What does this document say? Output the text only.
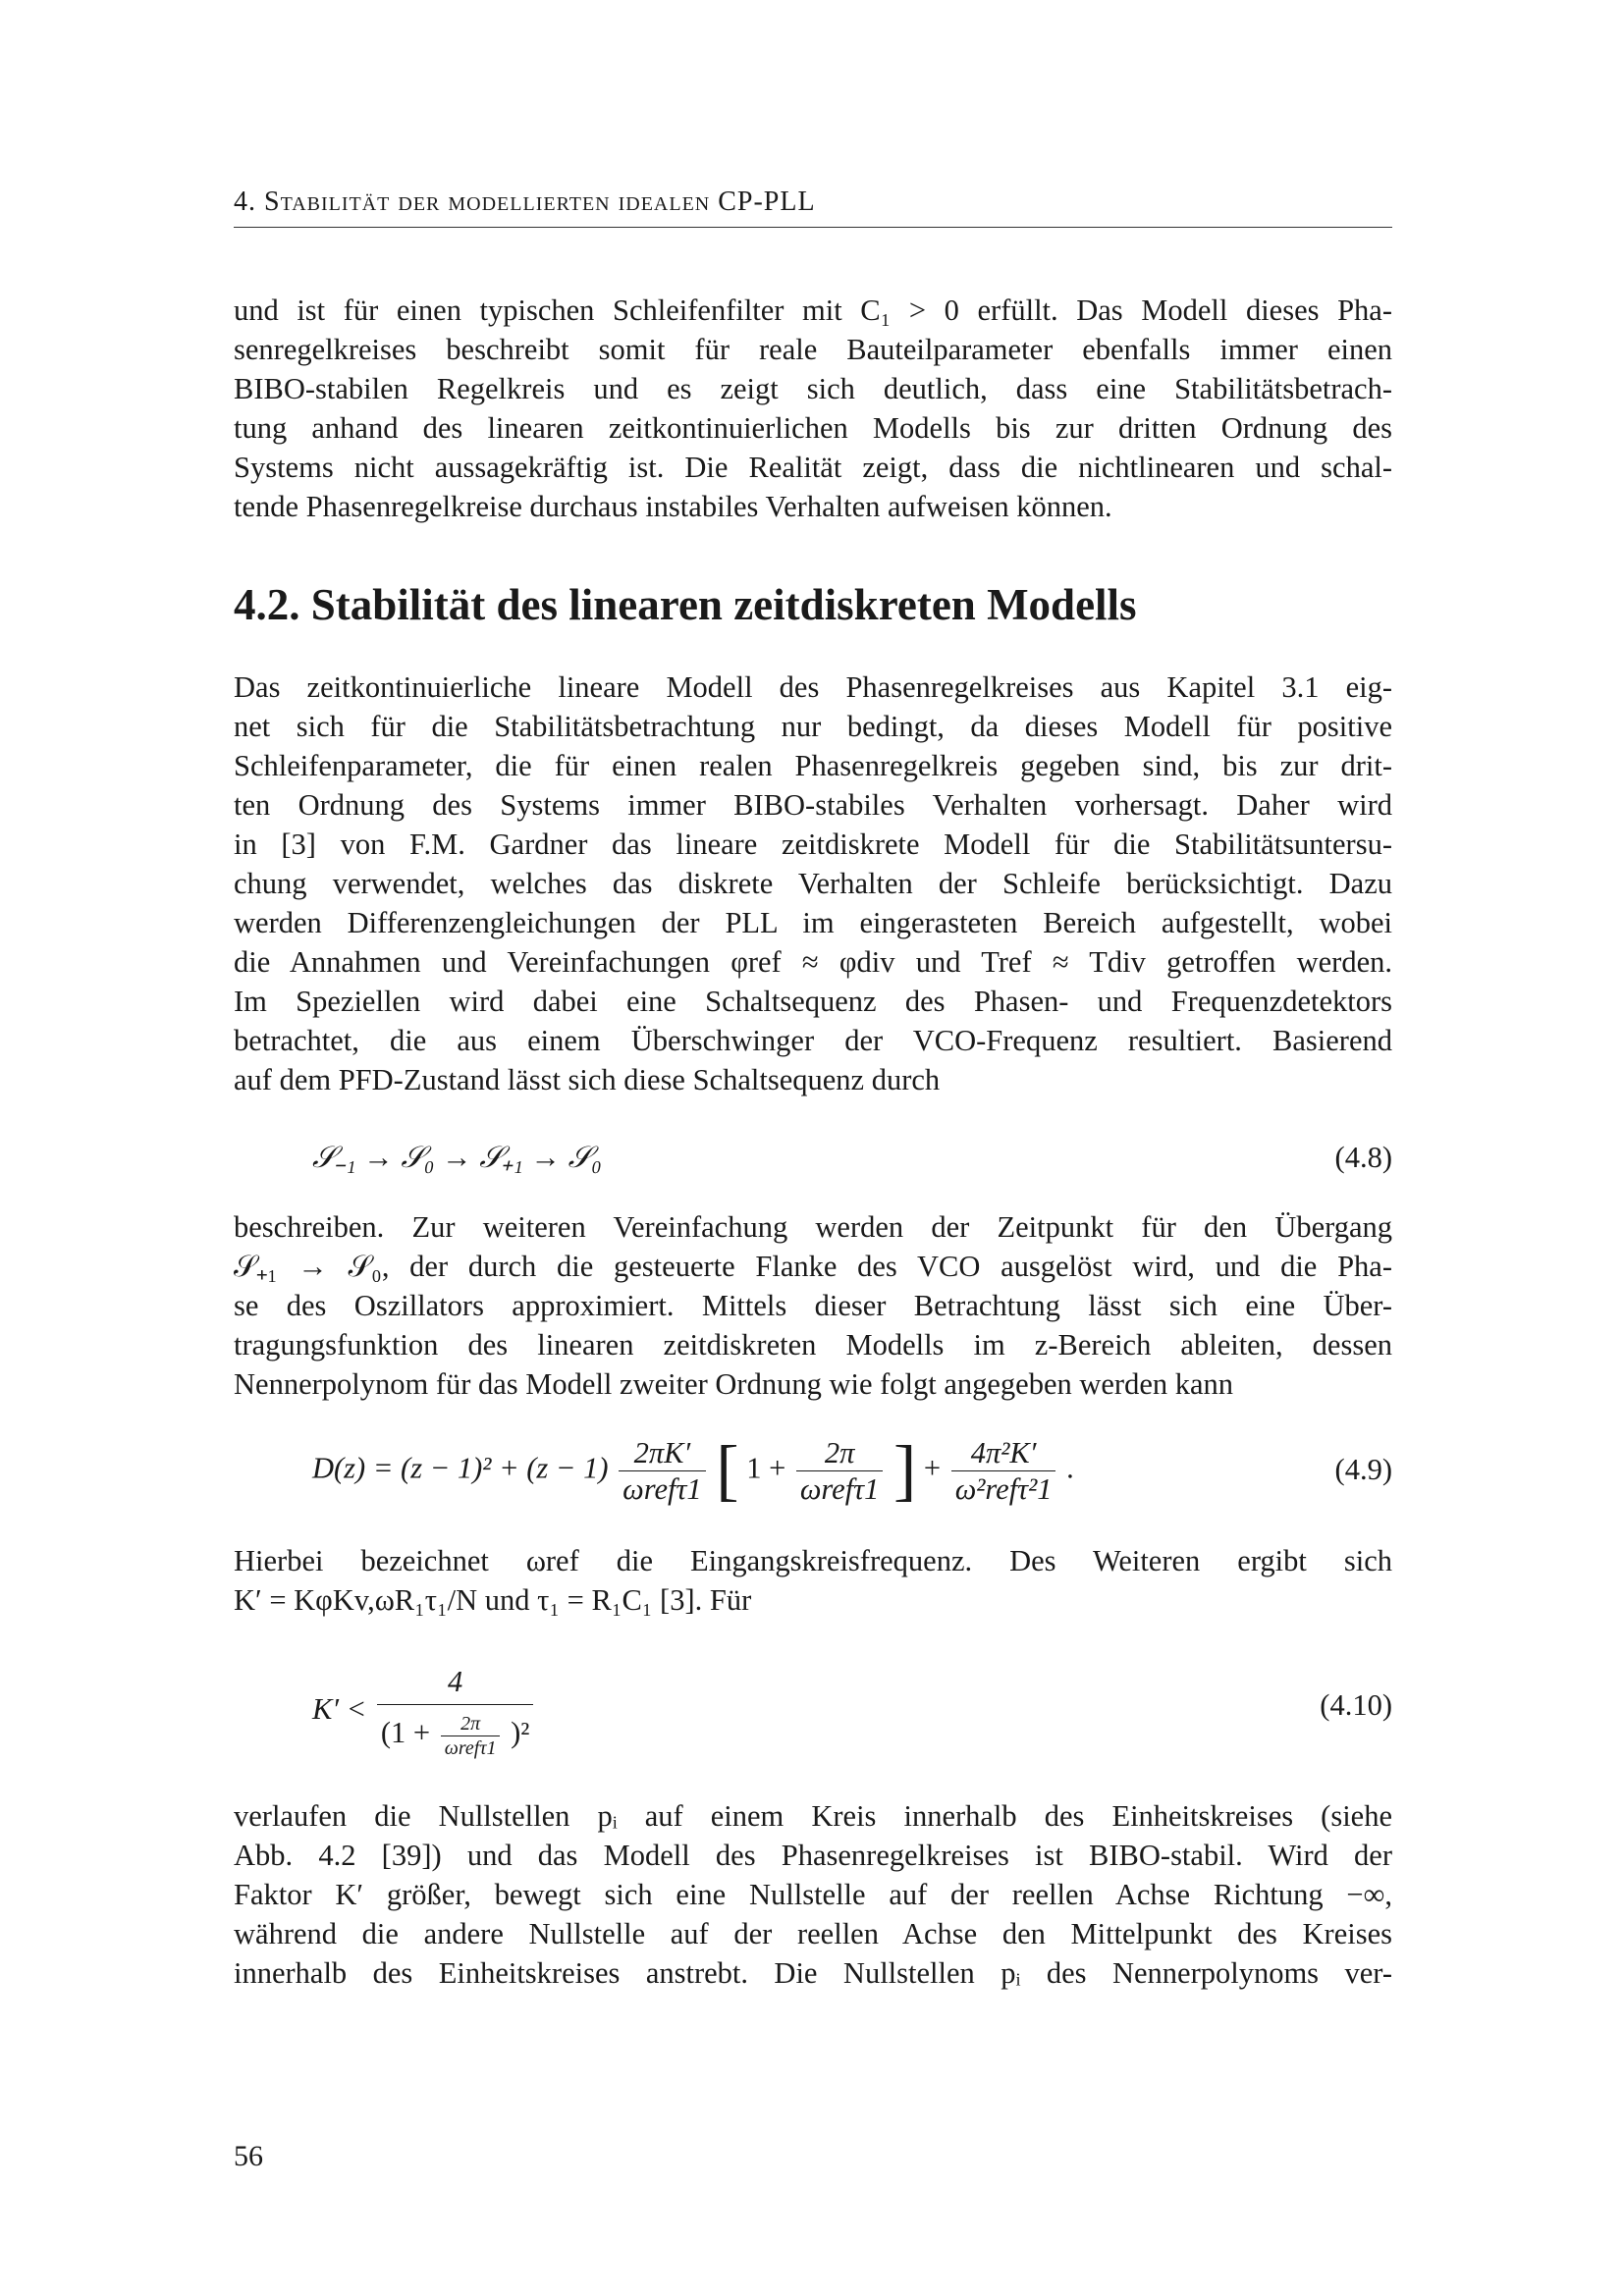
4. Stabilität der modellierten idealen CP-PLL
und ist für einen typischen Schleifenfilter mit C₁ > 0 erfüllt. Das Modell dieses Pha-
senregelkreises beschreibt somit für reale Bauteilparameter ebenfalls immer einen
BIBO-stabilen Regelkreis und es zeigt sich deutlich, dass eine Stabilitätsbetrach-
tung anhand des linearen zeitkontinuierlichen Modells bis zur dritten Ordnung des
Systems nicht aussagekräftig ist. Die Realität zeigt, dass die nichtlinearen und schal-
tende Phasenregelkreise durchaus instabiles Verhalten aufweisen können.
4.2. Stabilität des linearen zeitdiskreten Modells
Das zeitkontinuierliche lineare Modell des Phasenregelkreises aus Kapitel 3.1 eig-
net sich für die Stabilitätsbetrachtung nur bedingt, da dieses Modell für positive
Schleifenparameter, die für einen realen Phasenregelkreis gegeben sind, bis zur drit-
ten Ordnung des Systems immer BIBO-stabiles Verhalten vorhersagt. Daher wird
in [3] von F.M. Gardner das lineare zeitdiskrete Modell für die Stabilitätsuntersu-
chung verwendet, welches das diskrete Verhalten der Schleife berücksichtigt. Dazu
werden Differenzengleichungen der PLL im eingerasteten Bereich aufgestellt, wobei
die Annahmen und Vereinfachungen φref ≈ φdiv und Tref ≈ Tdiv getroffen werden.
Im Speziellen wird dabei eine Schaltsequenz des Phasen- und Frequenzdetektors
betrachtet, die aus einem Überschwinger der VCO-Frequenz resultiert. Basierend
auf dem PFD-Zustand lässt sich diese Schaltsequenz durch
𝒮₋₁ → 𝒮₀ → 𝒮₊₁ → 𝒮₀	(4.8)
beschreiben. Zur weiteren Vereinfachung werden der Zeitpunkt für den Übergang
𝒮₊₁ → 𝒮₀, der durch die gesteuerte Flanke des VCO ausgelöst wird, und die Pha-
se des Oszillators approximiert. Mittels dieser Betrachtung lässt sich eine Über-
tragungsfunktion des linearen zeitdiskreten Modells im z-Bereich ableiten, dessen
Nennerpolynom für das Modell zweiter Ordnung wie folgt angegeben werden kann
$D(z) = (z - 1)^2 + (z - 1) \frac{2\pi K'}{\text{ωrefτ1}}$ [ $1 + \frac{2\pi}{\text{ωrefτ1}}$ ] + $\frac{\text{4π²K′}}{\text{ω²refτ²1}}$ .	(4.9)
Hierbei bezeichnet ωref die Eingangskreisfrequenz. Des Weiteren ergibt sich
K′ = KφKv,ωR₁τ₁/N und τ₁ = R₁C₁ [3]. Für
K′ <
4
$(1 + \frac{2\pi}{\text{ωrefτ1}} )^2$
(4.10)
verlaufen die Nullstellen pᵢ auf einem Kreis innerhalb des Einheitskreises (siehe
Abb. 4.2 [39]) und das Modell des Phasenregelkreises ist BIBO-stabil. Wird der
Faktor K′ größer, bewegt sich eine Nullstelle auf der reellen Achse Richtung −∞,
während die andere Nullstelle auf der reellen Achse den Mittelpunkt des Kreises
innerhalb des Einheitskreises anstrebt. Die Nullstellen pᵢ des Nennerpolynoms ver-
56
